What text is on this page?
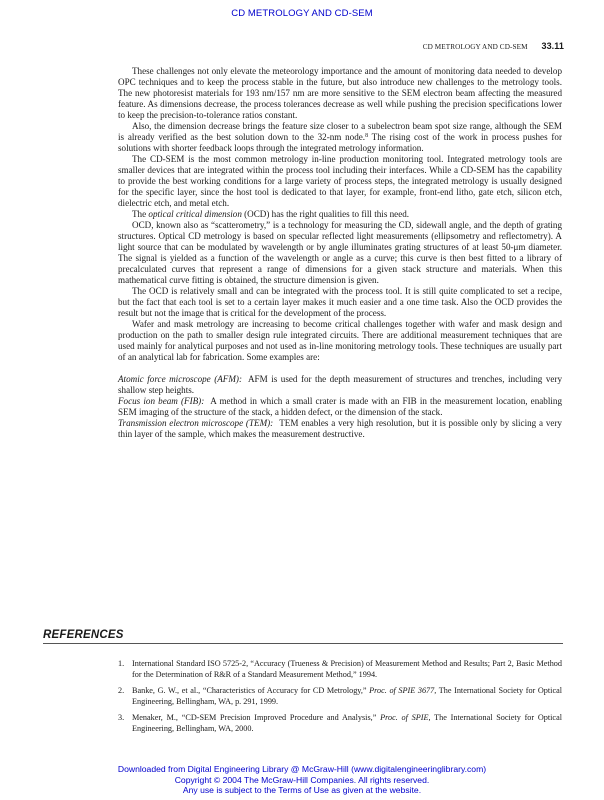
CD METROLOGY AND CD-SEM
CD METROLOGY AND CD-SEM 33.11

These challenges not only elevate the meteorology importance and the amount of monitoring data needed to develop OPC techniques and to keep the process stable in the future, but also introduce new challenges to the metrology tools. The new photoresist materials for 193 nm/157 nm are more sensitive to the SEM electron beam affecting the measured feature. As dimensions decrease, the process tolerances decrease as well while pushing the precision specifications lower to keep the precision-to-tolerance ratios constant.

Also, the dimension decrease brings the feature size closer to a subelectron beam spot size range, although the SEM is already verified as the best solution down to the 32-nm node.$^8$ The rising cost of the work in process pushes for solutions with shorter feedback loops through the integrated metrology information.

The CD-SEM is the most common metrology in-line production monitoring tool. Integrated metrology tools are smaller devices that are integrated within the process tool including their interfaces. While a CD-SEM has the capability to provide the best working conditions for a large variety of process steps, the integrated metrology is usually designed for the specific layer, since the host tool is dedicated to that layer, for example, front-end litho, gate etch, silicon etch, dielectric etch, and metal etch.

The optical critical dimension (OCD) has the right qualities to fill this need.

OCD, known also as “scatterometry,” is a technology for measuring the CD, sidewall angle, and the depth of grating structures. Optical CD metrology is based on specular reflected light measurements (ellipsometry and reflectometry). A light source that can be modulated by wavelength or by angle illuminates grating structures of at least 50-μm diameter. The signal is yielded as a function of the wavelength or angle as a curve; this curve is then best fitted to a library of precalculated curves that represent a range of dimensions for a given stack structure and materials. When this mathematical curve fitting is obtained, the structure dimension is given.

The OCD is relatively small and can be integrated with the process tool. It is still quite complicated to set a recipe, but the fact that each tool is set to a certain layer makes it much easier and a one time task. Also the OCD provides the result but not the image that is critical for the development of the process.

Wafer and mask metrology are increasing to become critical challenges together with wafer and mask design and production on the path to smaller design rule integrated circuits. There are additional measurement techniques that are used mainly for analytical purposes and not used as in-line monitoring metrology tools. These techniques are usually part of an analytical lab for fabrication. Some examples are:

Atomic force microscope (AFM): AFM is used for the depth measurement of structures and trenches, including very shallow step heights.

Focus ion beam (FIB): A method in which a small crater is made with an FIB in the measurement location, enabling SEM imaging of the structure of the stack, a hidden defect, or the dimension of the stack.

Transmission electron microscope (TEM): TEM enables a very high resolution, but it is possible only by slicing a very thin layer of the sample, which makes the measurement destructive.

REFERENCES
1. International Standard ISO 5725-2, “Accuracy (Trueness & Precision) of Measurement Method and Results; Part 2, Basic Method for the Determination of R&R of a Standard Measurement Method,” 1994.
2. Banke, G. W., et al., “Characteristics of Accuracy for CD Metrology,” Proc. of SPIE 3677, The International Society for Optical Engineering, Bellingham, WA, p. 291, 1999.
3. Menaker, M., “CD-SEM Precision Improved Procedure and Analysis,” Proc. of SPIE, The International Society for Optical Engineering, Bellingham, WA, 2000.
Downloaded from Digital Engineering Library @ McGraw-Hill (www.digitalengineeringlibrary.com)
Copyright © 2004 The McGraw-Hill Companies. All rights reserved.
Any use is subject to the Terms of Use as given at the website.
